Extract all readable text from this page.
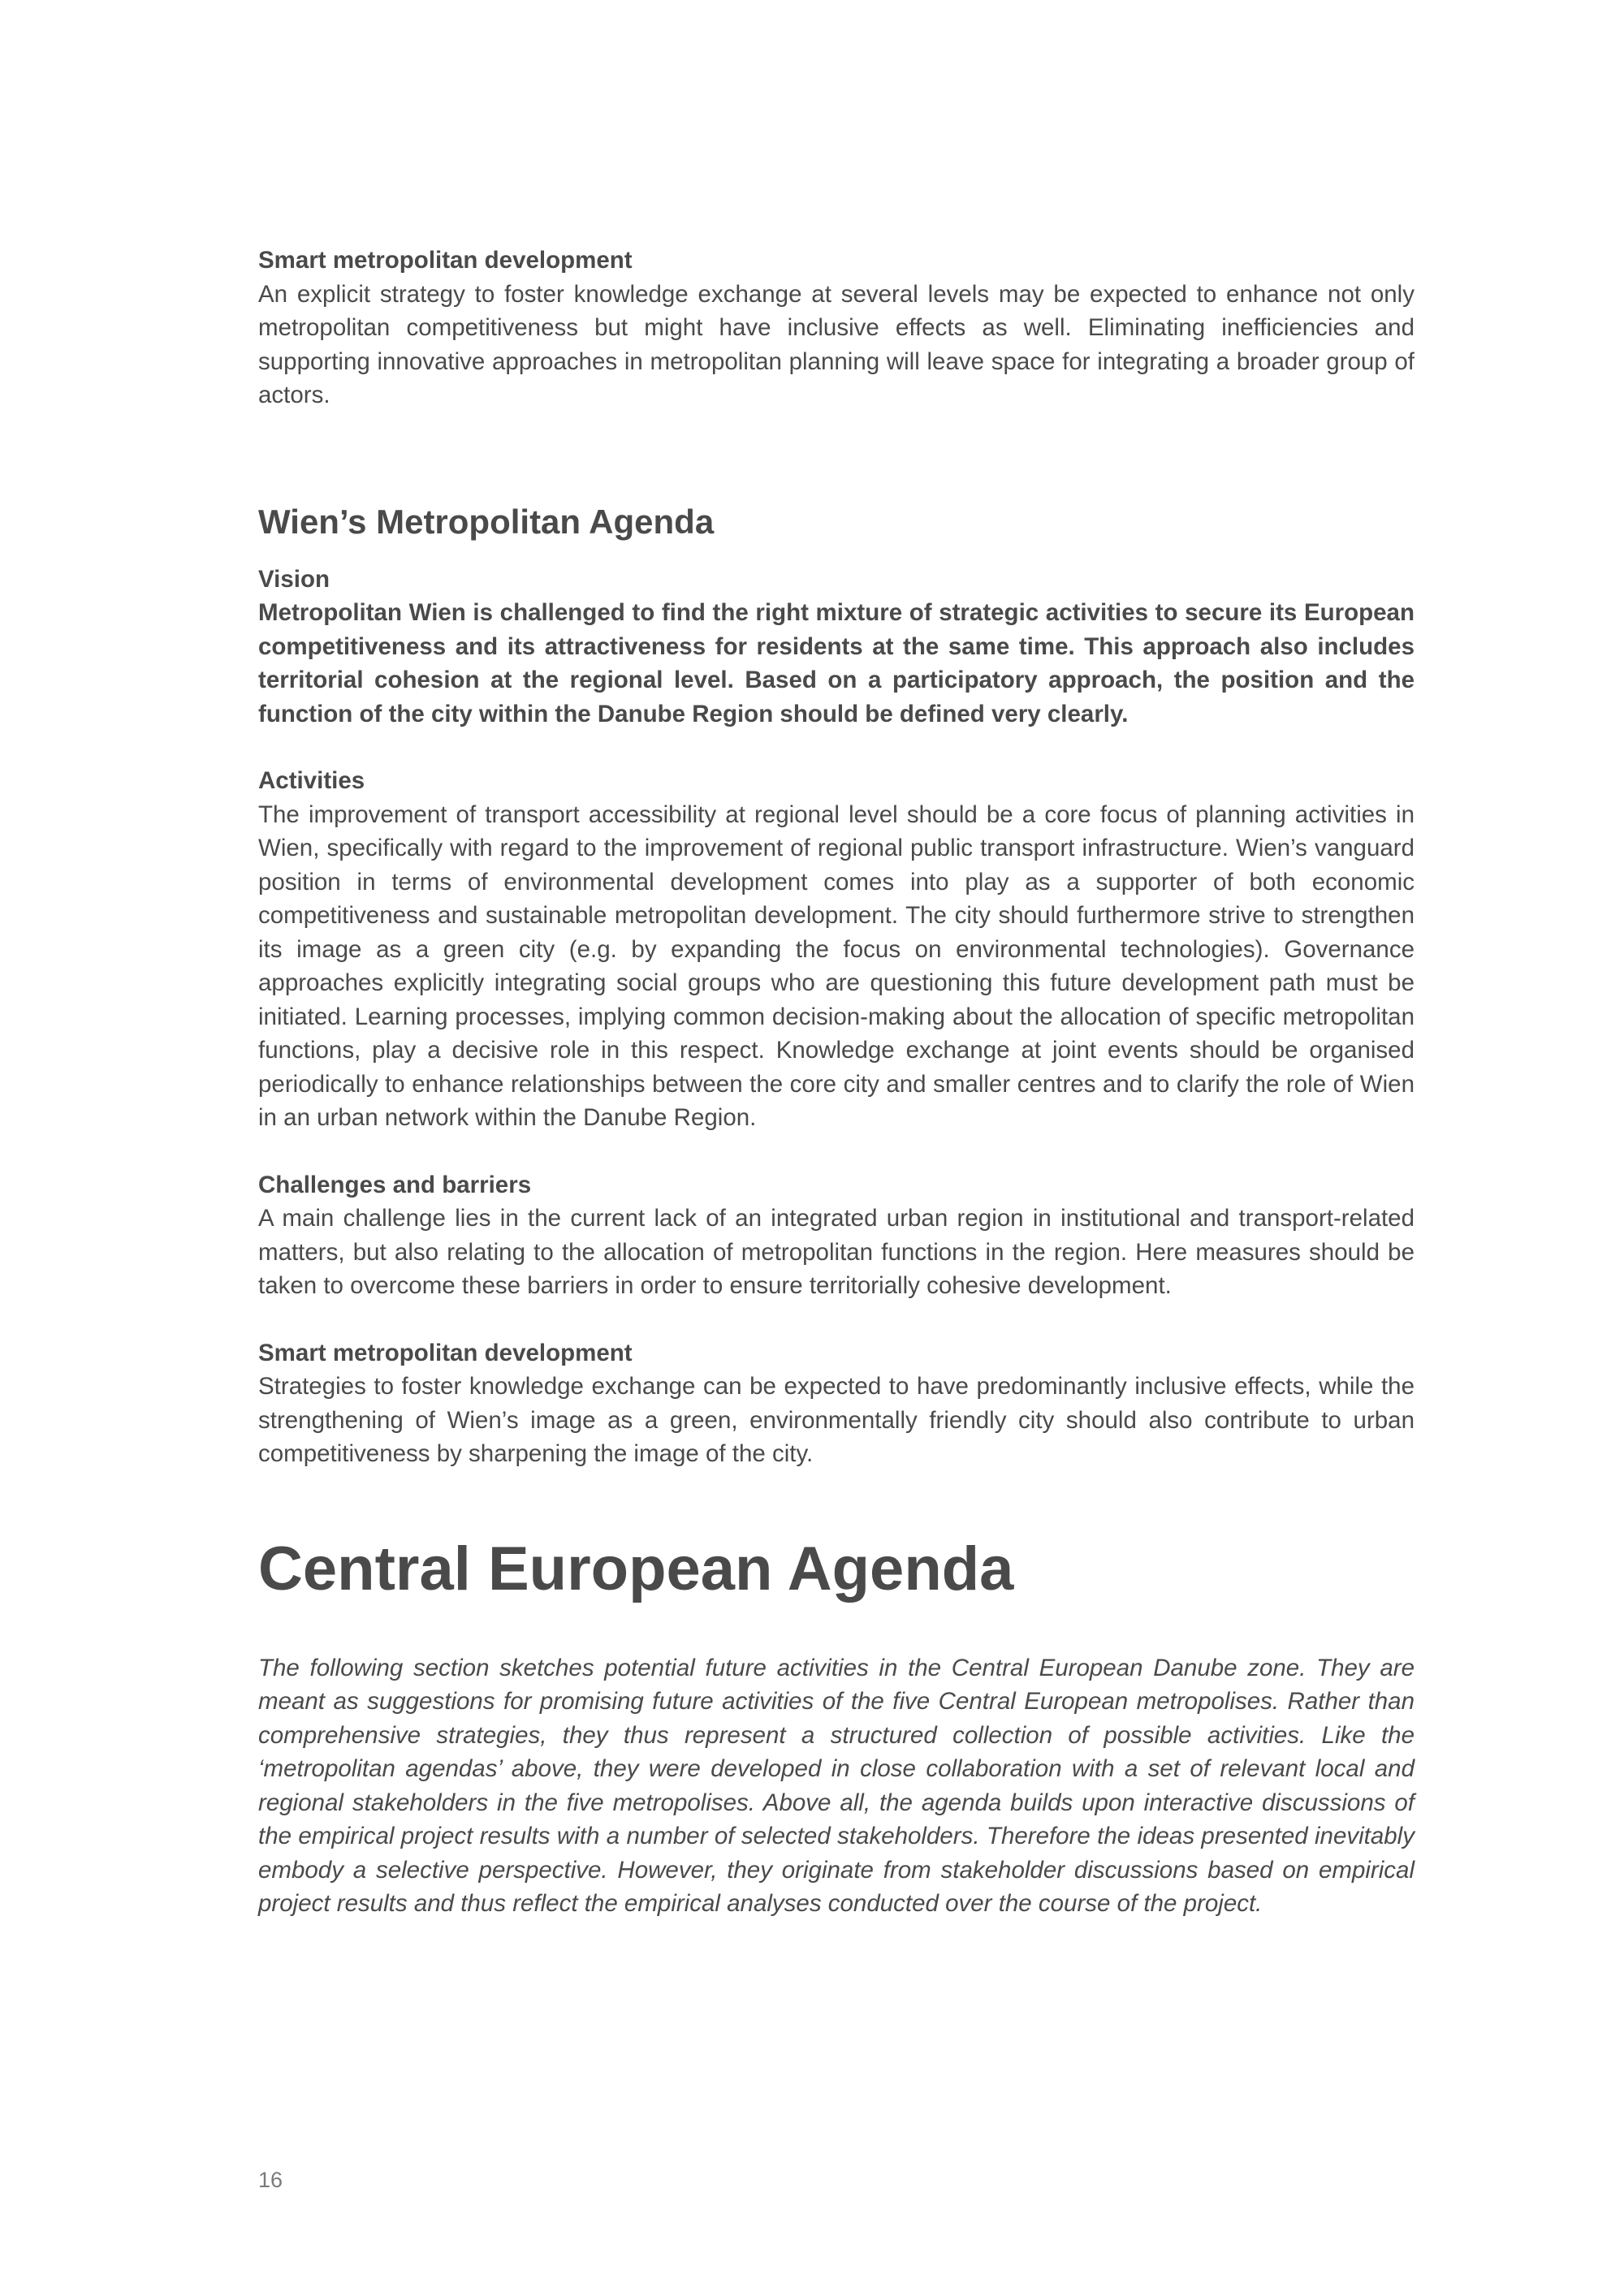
Smart metropolitan development

An explicit strategy to foster knowledge exchange at several levels may be expected to enhance not only metropolitan competitiveness but might have inclusive effects as well. Eliminating inefficiencies and supporting innovative approaches in metropolitan planning will leave space for integrating a broader group of actors.

Wien’s Metropolitan Agenda
Vision

Metropolitan Wien is challenged to find the right mixture of strategic activities to secure its European competitiveness and its attractiveness for residents at the same time. This approach also includes territorial cohesion at the regional level. Based on a participatory approach, the position and the function of the city within the Danube Region should be defined very clearly.

Activities

The improvement of transport accessibility at regional level should be a core focus of planning activities in Wien, specifically with regard to the improvement of regional public transport infrastructure. Wien’s vanguard position in terms of environmental development comes into play as a supporter of both economic competitiveness and sustainable metropolitan development. The city should furthermore strive to strengthen its image as a green city (e.g. by expanding the focus on environmental technologies). Governance approaches explicitly integrating social groups who are questioning this future development path must be initiated. Learning processes, implying common decision-making about the allocation of specific metropolitan functions, play a decisive role in this respect. Knowledge exchange at joint events should be organised periodically to enhance relationships between the core city and smaller centres and to clarify the role of Wien in an urban network within the Danube Region.

Challenges and barriers

A main challenge lies in the current lack of an integrated urban region in institutional and transport-related matters, but also relating to the allocation of metropolitan functions in the region. Here measures should be taken to overcome these barriers in order to ensure territorially cohesive development.

Smart metropolitan development

Strategies to foster knowledge exchange can be expected to have predominantly inclusive effects, while the strengthening of Wien’s image as a green, environmentally friendly city should also contribute to urban competitiveness by sharpening the image of the city.

Central European Agenda

The following section sketches potential future activities in the Central European Danube zone. They are meant as suggestions for promising future activities of the five Central European metropolises. Rather than comprehensive strategies, they thus represent a structured collection of possible activities. Like the ‘metropolitan agendas’ above, they were developed in close collaboration with a set of relevant local and regional stakeholders in the five metropolises. Above all, the agenda builds upon interactive discussions of the empirical project results with a number of selected stakeholders. Therefore the ideas presented inevitably embody a selective perspective. However, they originate from stakeholder discussions based on empirical project results and thus reflect the empirical analyses conducted over the course of the project.

16
